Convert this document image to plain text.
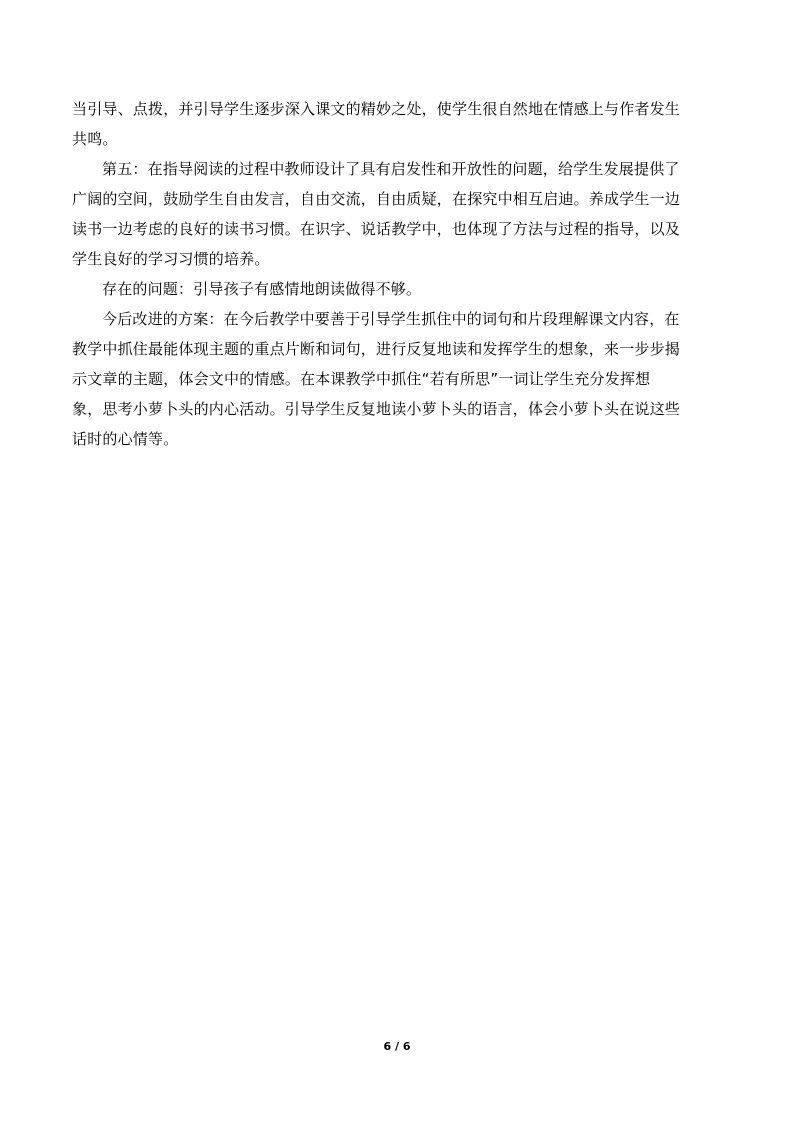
当引导、点拨，并引导学生逐步深入课文的精妙之处，使学生很自然地在情感上与作者发生
共鸣。
第五：在指导阅读的过程中教师设计了具有启发性和开放性的问题，给学生发展提供了
广阔的空间，鼓励学生自由发言，自由交流，自由质疑，在探究中相互启迪。养成学生一边
读书一边考虑的良好的读书习惯。在识字、说话教学中，也体现了方法与过程的指导，以及
学生良好的学习习惯的培养。
存在的问题：引导孩子有感情地朗读做得不够。
今后改进的方案：在今后教学中要善于引导学生抓住中的词句和片段理解课文内容，在
教学中抓住最能体现主题的重点片断和词句，进行反复地读和发挥学生的想象，来一步步揭
示文章的主题，体会文中的情感。在本课教学中抓住“若有所思”一词让学生充分发挥想
象，思考小萝卜头的内心活动。引导学生反复地读小萝卜头的语言，体会小萝卜头在说这些
话时的心情等。
6 / 6
